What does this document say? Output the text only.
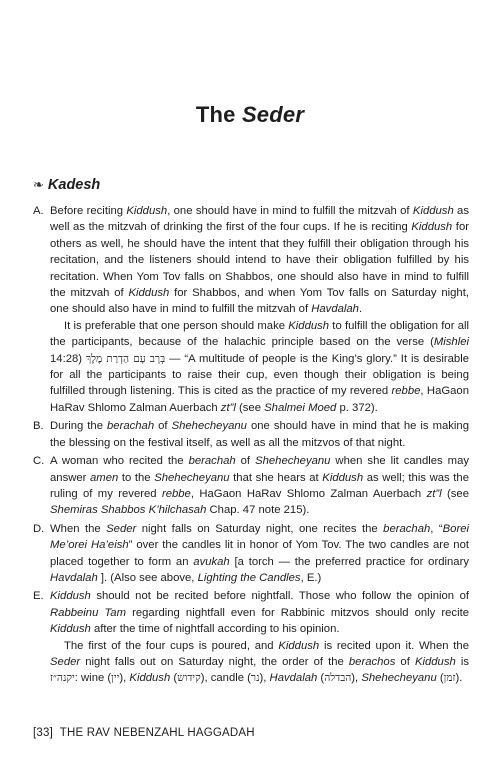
The Seder
❧ Kadesh
A. Before reciting Kiddush, one should have in mind to fulfill the mitzvah of Kiddush as well as the mitzvah of drinking the first of the four cups. If he is reciting Kiddush for others as well, he should have the intent that they fulfill their obligation through his recitation, and the listeners should intend to have their obligation fulfilled by his recitation. When Yom Tov falls on Shabbos, one should also have in mind to fulfill the mitzvah of Kiddush for Shabbos, and when Yom Tov falls on Saturday night, one should also have in mind to fulfill the mitzvah of Havdalah.

It is preferable that one person should make Kiddush to fulfill the obligation for all the participants, because of the halachic principle based on the verse (Mishlei 14:28) בְּרָב עָם הַדְרַת מֶלֶךְ — “A multitude of people is the King’s glory.” It is desirable for all the participants to raise their cup, even though their obligation is being fulfilled through listening. This is cited as the practice of my revered rebbe, HaGaon HaRav Shlomo Zalman Auerbach zt”l (see Shalmei Moed p. 372).

B. During the berachah of Shehecheyanu one should have in mind that he is making the blessing on the festival itself, as well as all the mitzvos of that night.

C. A woman who recited the berachah of Shehecheyanu when she lit candles may answer amen to the Shehecheyanu that she hears at Kiddush as well; this was the ruling of my revered rebbe, HaGaon HaRav Shlomo Zalman Auerbach zt”l (see Shemiras Shabbos K’hilchasah Chap. 47 note 215).

D. When the Seder night falls on Saturday night, one recites the berachah, “Borei Me’orei Ha’eish” over the candles lit in honor of Yom Tov. The two candles are not placed together to form an avukah [a torch — the preferred practice for ordinary Havdalah ]. (Also see above, Lighting the Candles, E.)

E. Kiddush should not be recited before nightfall. Those who follow the opinion of Rabbeinu Tam regarding nightfall even for Rabbinic mitzvos should only recite Kiddush after the time of nightfall according to his opinion.

The first of the four cups is poured, and Kiddush is recited upon it. When the Seder night falls out on Saturday night, the order of the berachos of Kiddush is יקנה״ז: wine (יין), Kiddush (קידוש), candle (נר), Havdalah (הבדלה), Shehecheyanu (זמן).

[33] THE RAV NEBENZAHL HAGGADAH
